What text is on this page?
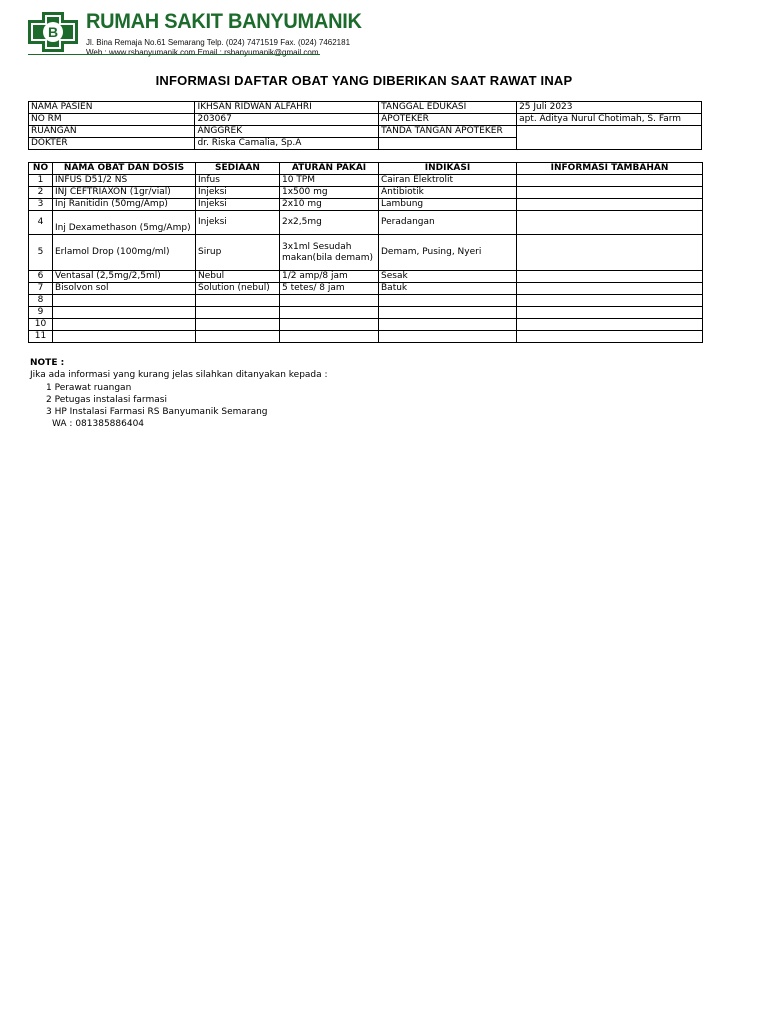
B RUMAH SAKIT BANYUMANIK
Jl. Bina Remaja No.61 Semarang Telp. (024) 7471519 Fax. (024) 7462181
Web : www.rsbanyumanik.com Email : rsbanyumanik@gmail.com
INFORMASI DAFTAR OBAT YANG DIBERIKAN SAAT RAWAT INAP
NAMA PASIEN	IKHSAN RIDWAN ALFAHRI	TANGGAL EDUKASI	25 Juli 2023
NO RM	203067	APOTEKER	apt. Aditya Nurul Chotimah, S. Farm
RUANGAN	ANGGREK	TANDA TANGAN APOTEKER	
DOKTER	dr. Riska Camalia, Sp.A		
NO	NAMA OBAT DAN DOSIS	SEDIAAN	ATURAN PAKAI	INDIKASI	INFORMASI TAMBAHAN
1	INFUS D51/2 NS	Infus	10 TPM	Cairan Elektrolit	
2	INJ CEFTRIAXON (1gr/vial)	Injeksi	1x500 mg	Antibiotik	
3	Inj Ranitidin (50mg/Amp)	Injeksi	2x10 mg	Lambung	
4	Inj Dexamethason (5mg/Amp)	Injeksi	2x2,5mg	Peradangan	
5	Erlamol Drop (100mg/ml)	Sirup	3x1ml Sesudah makan(bila demam)	Demam, Pusing, Nyeri	
6	Ventasal (2,5mg/2,5ml)	Nebul	1/2 amp/8 jam	Sesak	
7	Bisolvon sol	Solution (nebul)	5 tetes/ 8 jam	Batuk	
8					
9					
10					
11					
NOTE :
Jika ada informasi yang kurang jelas silahkan ditanyakan kepada :
1 Perawat ruangan
2 Petugas instalasi farmasi
3 HP Instalasi Farmasi RS Banyumanik Semarang
WA : 081385886404
